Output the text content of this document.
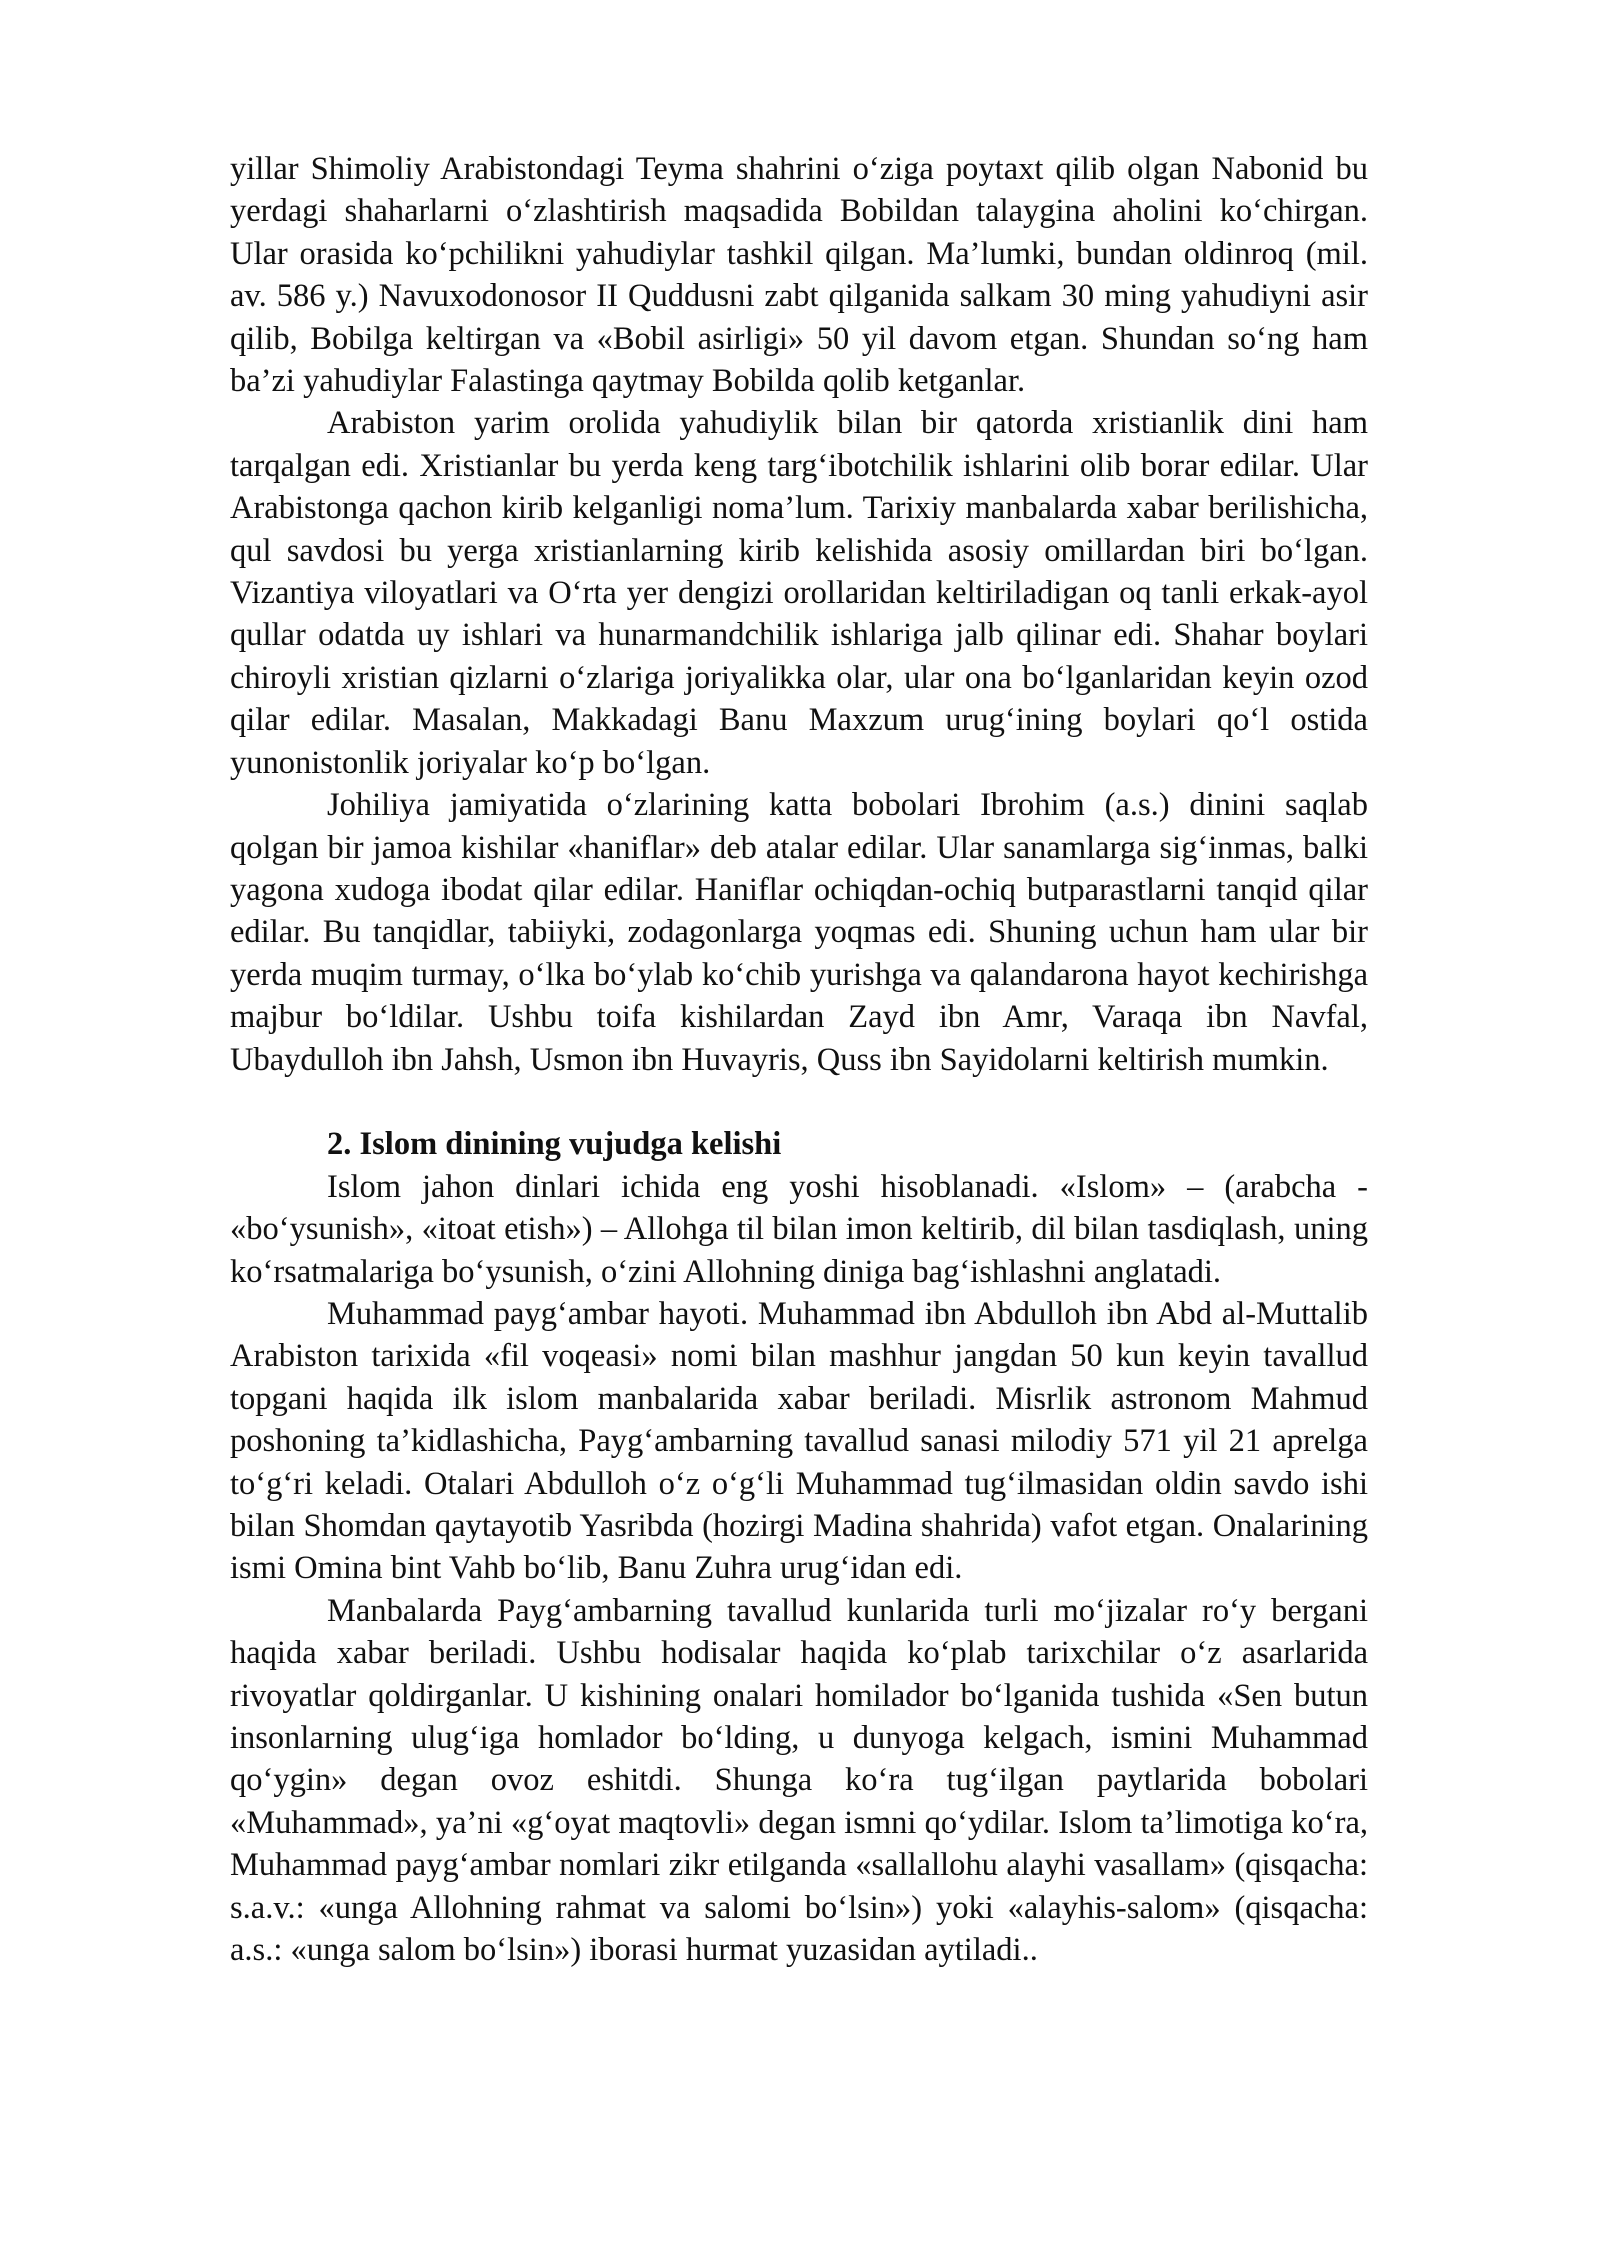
yillar Shimoliy Arabistondagi Teyma shahrini o‘ziga poytaxt qilib olgan Nabonid bu yerdagi shaharlarni o‘zlashtirish maqsadida Bobildan talaygina aholini ko‘chirgan. Ular orasida ko‘pchilikni yahudiylar tashkil qilgan. Ma’lumki, bundan oldinroq (mil. av. 586 y.) Navuxodonosor II Quddusni zabt qilganida salkam 30 ming yahudiyni asir qilib, Bobilga keltirgan va «Bobil asirligi» 50 yil davom etgan. Shundan so‘ng ham ba’zi yahudiylar Falastinga qaytmay Bobilda qolib ketganlar.

Arabiston yarim orolida yahudiylik bilan bir qatorda xristianlik dini ham tarqalgan edi. Xristianlar bu yerda keng targ‘ibotchilik ishlarini olib borar edilar. Ular Arabistonga qachon kirib kelganligi noma’lum. Tarixiy manbalarda xabar berilishicha, qul savdosi bu yerga xristianlarning kirib kelishida asosiy omillardan biri bo‘lgan. Vizantiya viloyatlari va O‘rta yer dengizi orollaridan keltiriladigan oq tanli erkak-ayol qullar odatda uy ishlari va hunarmandchilik ishlariga jalb qilinar edi. Shahar boylari chiroyli xristian qizlarni o‘zlariga joriyalikka olar, ular ona bo‘lganlaridan keyin ozod qilar edilar. Masalan, Makkadagi Banu Maxzum urug‘ining boylari qo‘l ostida yunonistonlik joriyalar ko‘p bo‘lgan.

Johiliya jamiyatida o‘zlarining katta bobolari Ibrohim (a.s.) dinini saqlab qolgan bir jamoa kishilar «haniflar» deb atalar edilar. Ular sanamlarga sig‘inmas, balki yagona xudoga ibodat qilar edilar. Haniflar ochiqdan-ochiq butparastlarni tanqid qilar edilar. Bu tanqidlar, tabiiyki, zodagonlarga yoqmas edi. Shuning uchun ham ular bir yerda muqim turmay, o‘lka bo‘ylab ko‘chib yurishga va qalandarona hayot kechirishga majbur bo‘ldilar. Ushbu toifa kishilardan Zayd ibn Amr, Varaqa ibn Navfal, Ubaydulloh ibn Jahsh, Usmon ibn Huvayris, Quss ibn Sayidolarni keltirish mumkin.

2. Islom dinining vujudga kelishi

Islom jahon dinlari ichida eng yoshi hisoblanadi. «Islom» – (arabcha - «bo‘ysunish», «itoat etish») – Allohga til bilan imon keltirib, dil bilan tasdiqlash, uning ko‘rsatmalariga bo‘ysunish, o‘zini Allohning diniga bag‘ishlashni anglatadi.

Muhammad payg‘ambar hayoti. Muhammad ibn Abdulloh ibn Abd al-Muttalib Arabiston tarixida «fil voqeasi» nomi bilan mashhur jangdan 50 kun keyin tavallud topgani haqida ilk islom manbalarida xabar beriladi. Misrlik astronom Mahmud poshoning ta’kidlashicha, Payg‘ambarning tavallud sanasi milodiy 571 yil 21 aprelga to‘g‘ri keladi. Otalari Abdulloh o‘z o‘g‘li Muhammad tug‘ilmasidan oldin savdo ishi bilan Shomdan qaytayotib Yasribda (hozirgi Madina shahrida) vafot etgan. Onalarining ismi Omina bint Vahb bo‘lib, Banu Zuhra urug‘idan edi.

Manbalarda Payg‘ambarning tavallud kunlarida turli mo‘jizalar ro‘y bergani haqida xabar beriladi. Ushbu hodisalar haqida ko‘plab tarixchilar o‘z asarlarida rivoyatlar qoldirganlar. U kishining onalari homilador bo‘lganida tushida «Sen butun insonlarning ulug‘iga homlador bo‘lding, u dunyoga kelgach, ismini Muhammad qo‘ygin» degan ovoz eshitdi. Shunga ko‘ra tug‘ilgan paytlarida bobolari «Muhammad», ya’ni «g‘oyat maqtovli» degan ismni qo‘ydilar. Islom ta’limotiga ko‘ra, Muhammad payg‘ambar nomlari zikr etilganda «sallallohu alayhi vasallam» (qisqacha: s.a.v.: «unga Allohning rahmat va salomi bo‘lsin») yoki «alayhis-salom» (qisqacha: a.s.: «unga salom bo‘lsin») iborasi hurmat yuzasidan aytiladi..
